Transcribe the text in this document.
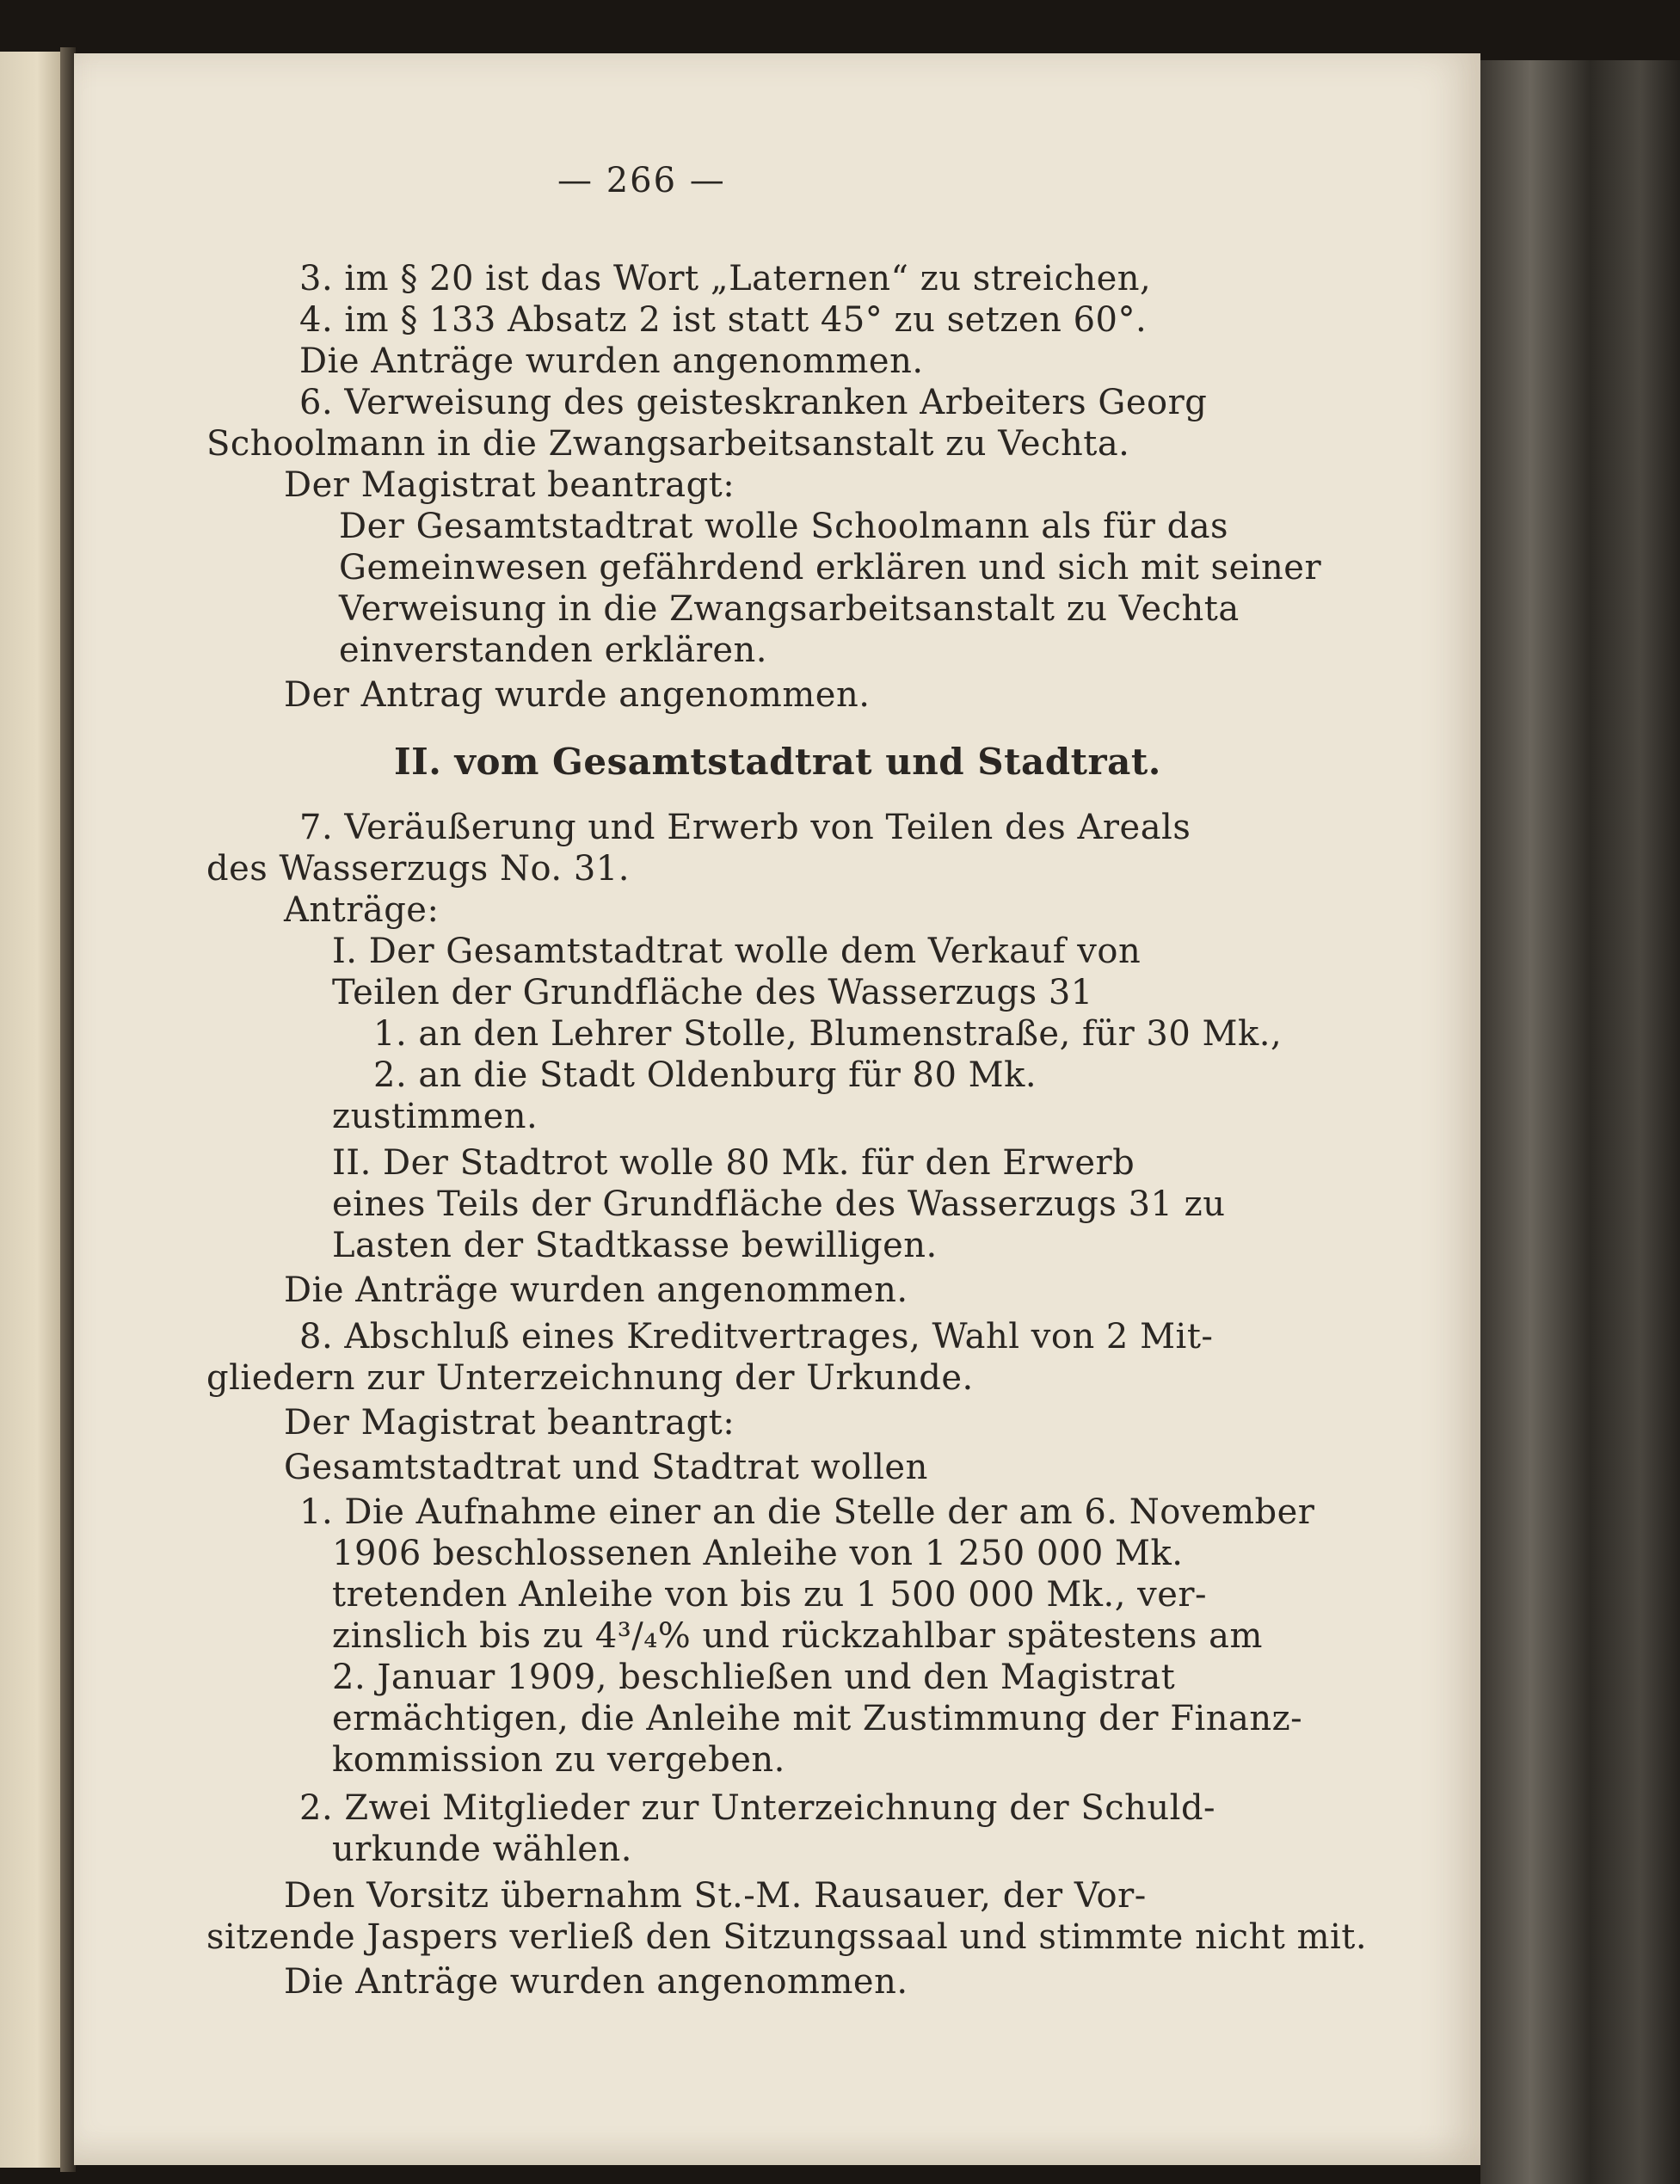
— 266 —
3. im § 20 ist das Wort „Laternen“ zu streichen,
4. im § 133 Absatz 2 ist statt 45° zu setzen 60°.
Die Anträge wurden angenommen.
6. Verweisung des geisteskranken Arbeiters Georg
Schoolmann in die Zwangsarbeitsanstalt zu Vechta.
Der Magistrat beantragt:
Der Gesamtstadtrat wolle Schoolmann als für das
Gemeinwesen gefährdend erklären und sich mit seiner
Verweisung in die Zwangsarbeitsanstalt zu Vechta
einverstanden erklären.
Der Antrag wurde angenommen.
II. vom Gesamtstadtrat und Stadtrat.
7. Veräußerung und Erwerb von Teilen des Areals
des Wasserzugs No. 31.
Anträge:
I. Der Gesamtstadtrat wolle dem Verkauf von
Teilen der Grundfläche des Wasserzugs 31
1. an den Lehrer Stolle, Blumenstraße, für 30 Mk.,
2. an die Stadt Oldenburg für 80 Mk.
zustimmen.
II. Der Stadtrot wolle 80 Mk. für den Erwerb
eines Teils der Grundfläche des Wasserzugs 31 zu
Lasten der Stadtkasse bewilligen.
Die Anträge wurden angenommen.
8. Abschluß eines Kreditvertrages, Wahl von 2 Mit-
gliedern zur Unterzeichnung der Urkunde.
Der Magistrat beantragt:
Gesamtstadtrat und Stadtrat wollen
1. Die Aufnahme einer an die Stelle der am 6. November
1906 beschlossenen Anleihe von 1 250 000 Mk.
tretenden Anleihe von bis zu 1 500 000 Mk., ver-
zinslich bis zu 4³/₄% und rückzahlbar spätestens am
2. Januar 1909, beschließen und den Magistrat
ermächtigen, die Anleihe mit Zustimmung der Finanz-
kommission zu vergeben.
2. Zwei Mitglieder zur Unterzeichnung der Schuld-
urkunde wählen.
Den Vorsitz übernahm St.-M. Rausauer, der Vor-
sitzende Jaspers verließ den Sitzungssaal und stimmte nicht mit.
Die Anträge wurden angenommen.
